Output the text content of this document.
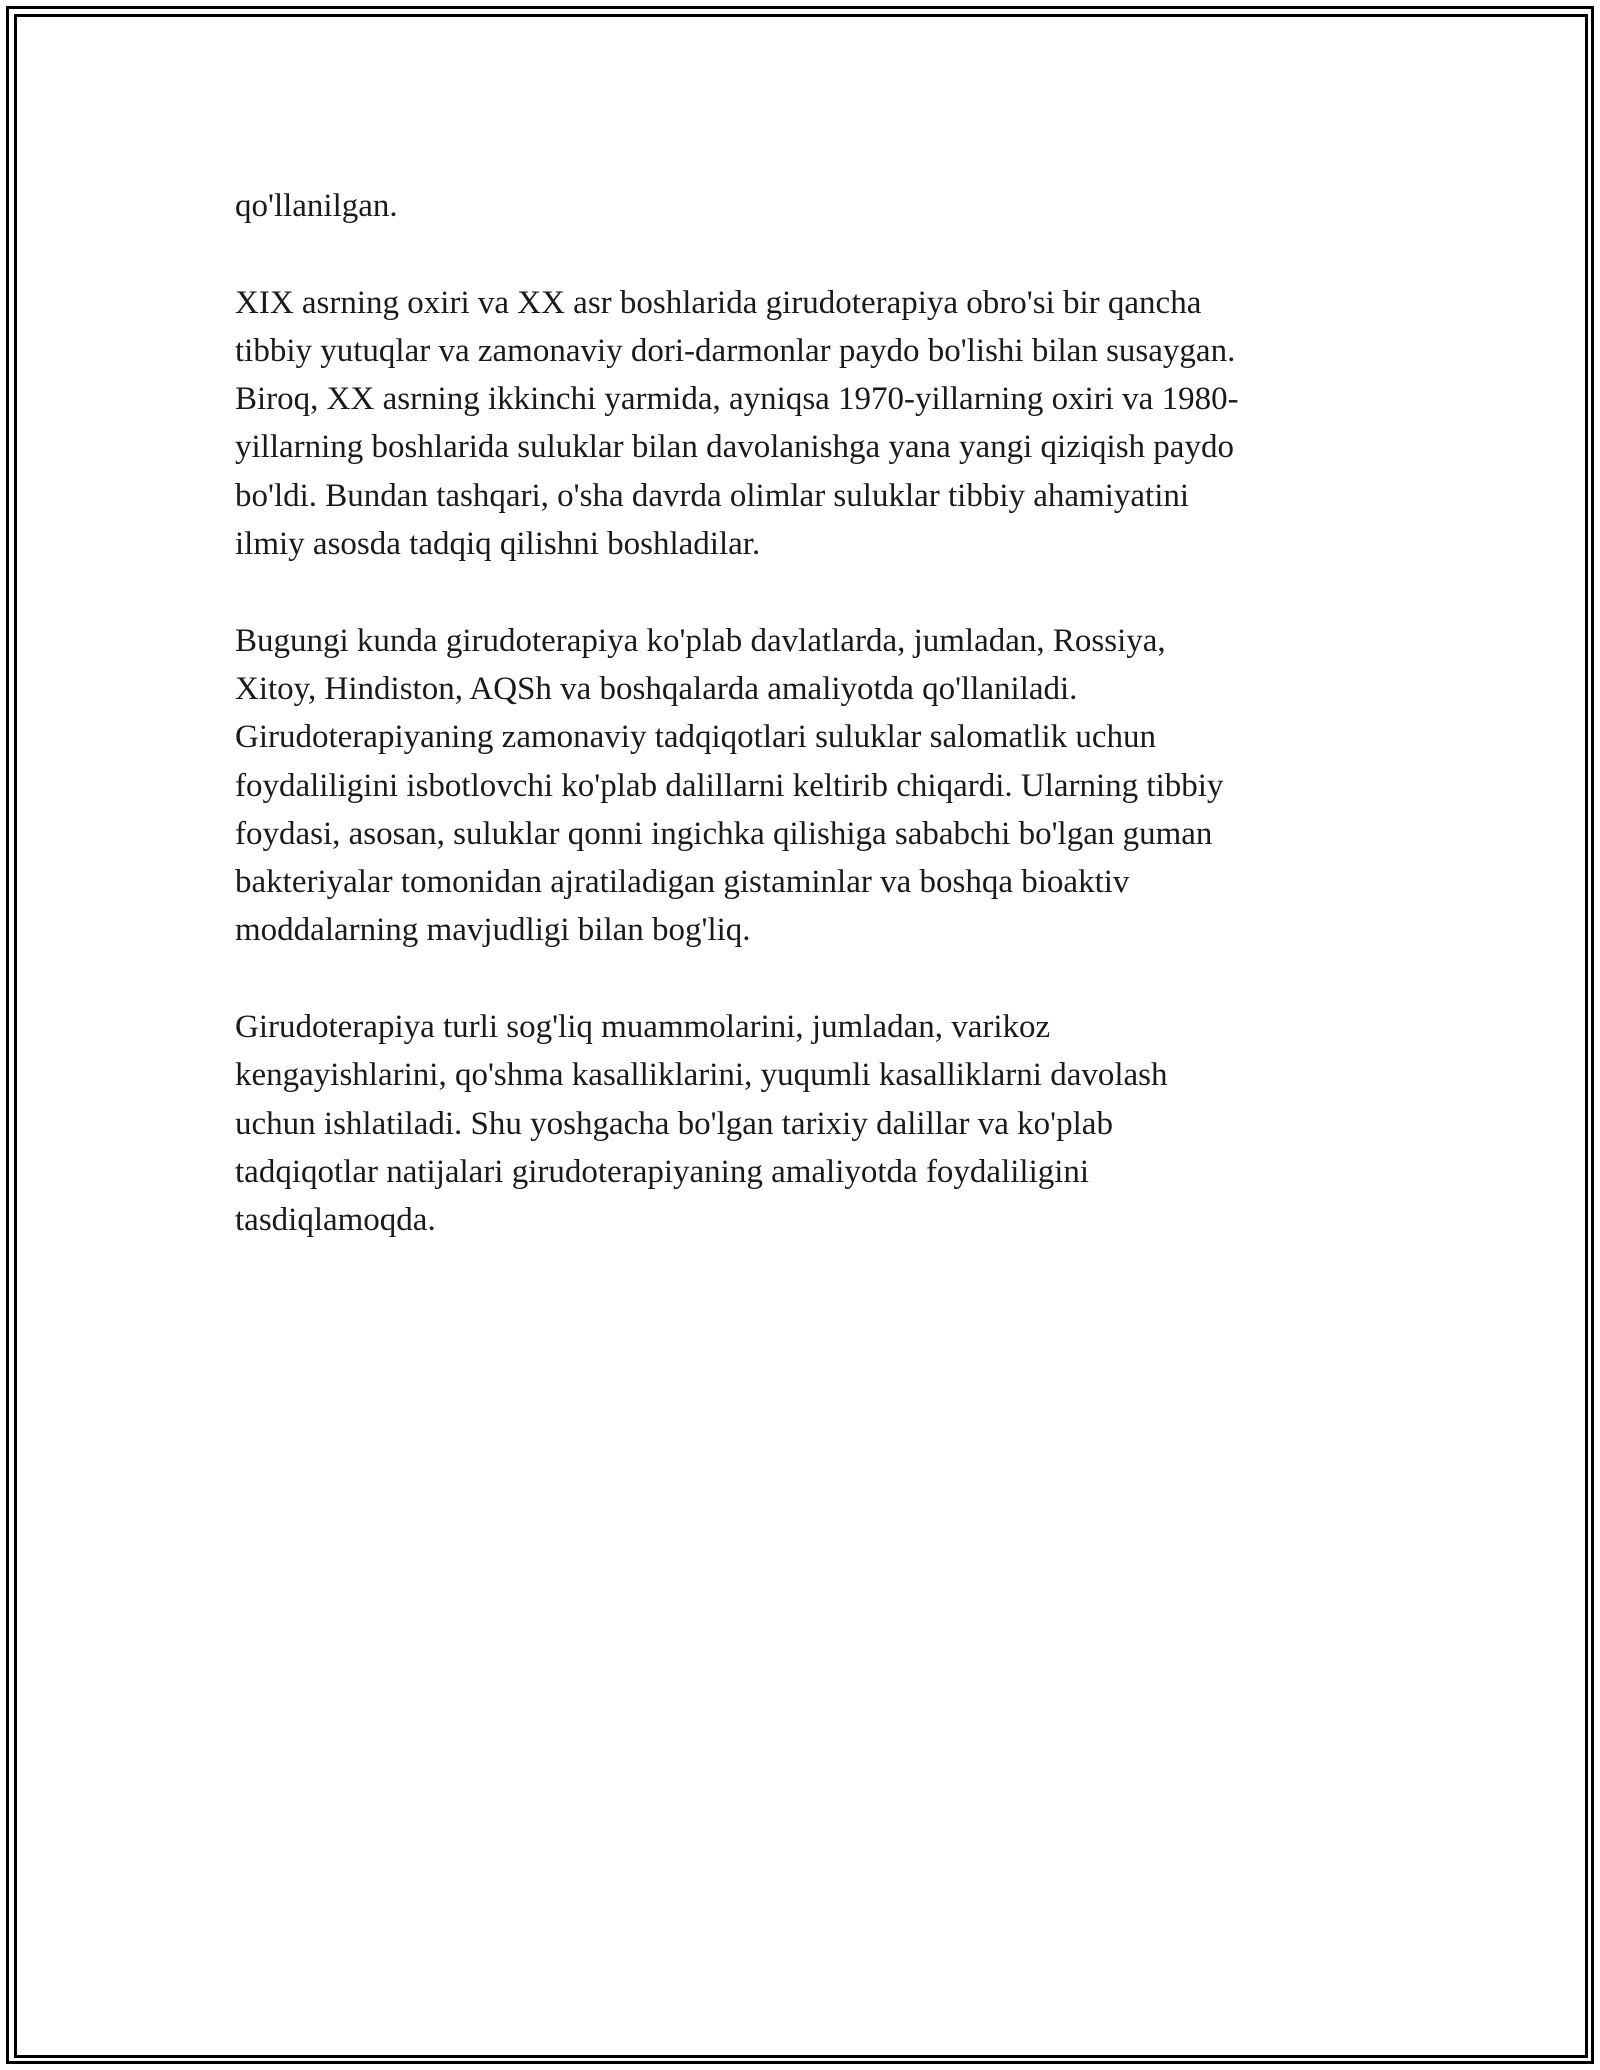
qo'llanilgan.

XIX asrning oxiri va XX asr boshlarida girudoterapiya obro'si bir qancha
tibbiy yutuqlar va zamonaviy dori-darmonlar paydo bo'lishi bilan susaygan.
Biroq, XX asrning ikkinchi yarmida, ayniqsa 1970-yillarning oxiri va 1980-
yillarning boshlarida suluklar bilan davolanishga yana yangi qiziqish paydo
bo'ldi. Bundan tashqari, o'sha davrda olimlar suluklar tibbiy ahamiyatini
ilmiy asosda tadqiq qilishni boshladilar.

Bugungi kunda girudoterapiya ko'plab davlatlarda, jumladan, Rossiya,
Xitoy, Hindiston, AQSh va boshqalarda amaliyotda qo'llaniladi.
Girudoterapiyaning zamonaviy tadqiqotlari suluklar salomatlik uchun
foydaliligini isbotlovchi ko'plab dalillarni keltirib chiqardi. Ularning tibbiy
foydasi, asosan, suluklar qonni ingichka qilishiga sababchi bo'lgan guman
bakteriyalar tomonidan ajratiladigan gistaminlar va boshqa bioaktiv
moddalarning mavjudligi bilan bog'liq.

Girudoterapiya turli sog'liq muammolarini, jumladan, varikoz
kengayishlarini, qo'shma kasalliklarini, yuqumli kasalliklarni davolash
uchun ishlatiladi. Shu yoshgacha bo'lgan tarixiy dalillar va ko'plab
tadqiqotlar natijalari girudoterapiyaning amaliyotda foydaliligini
tasdiqlamoqda.
